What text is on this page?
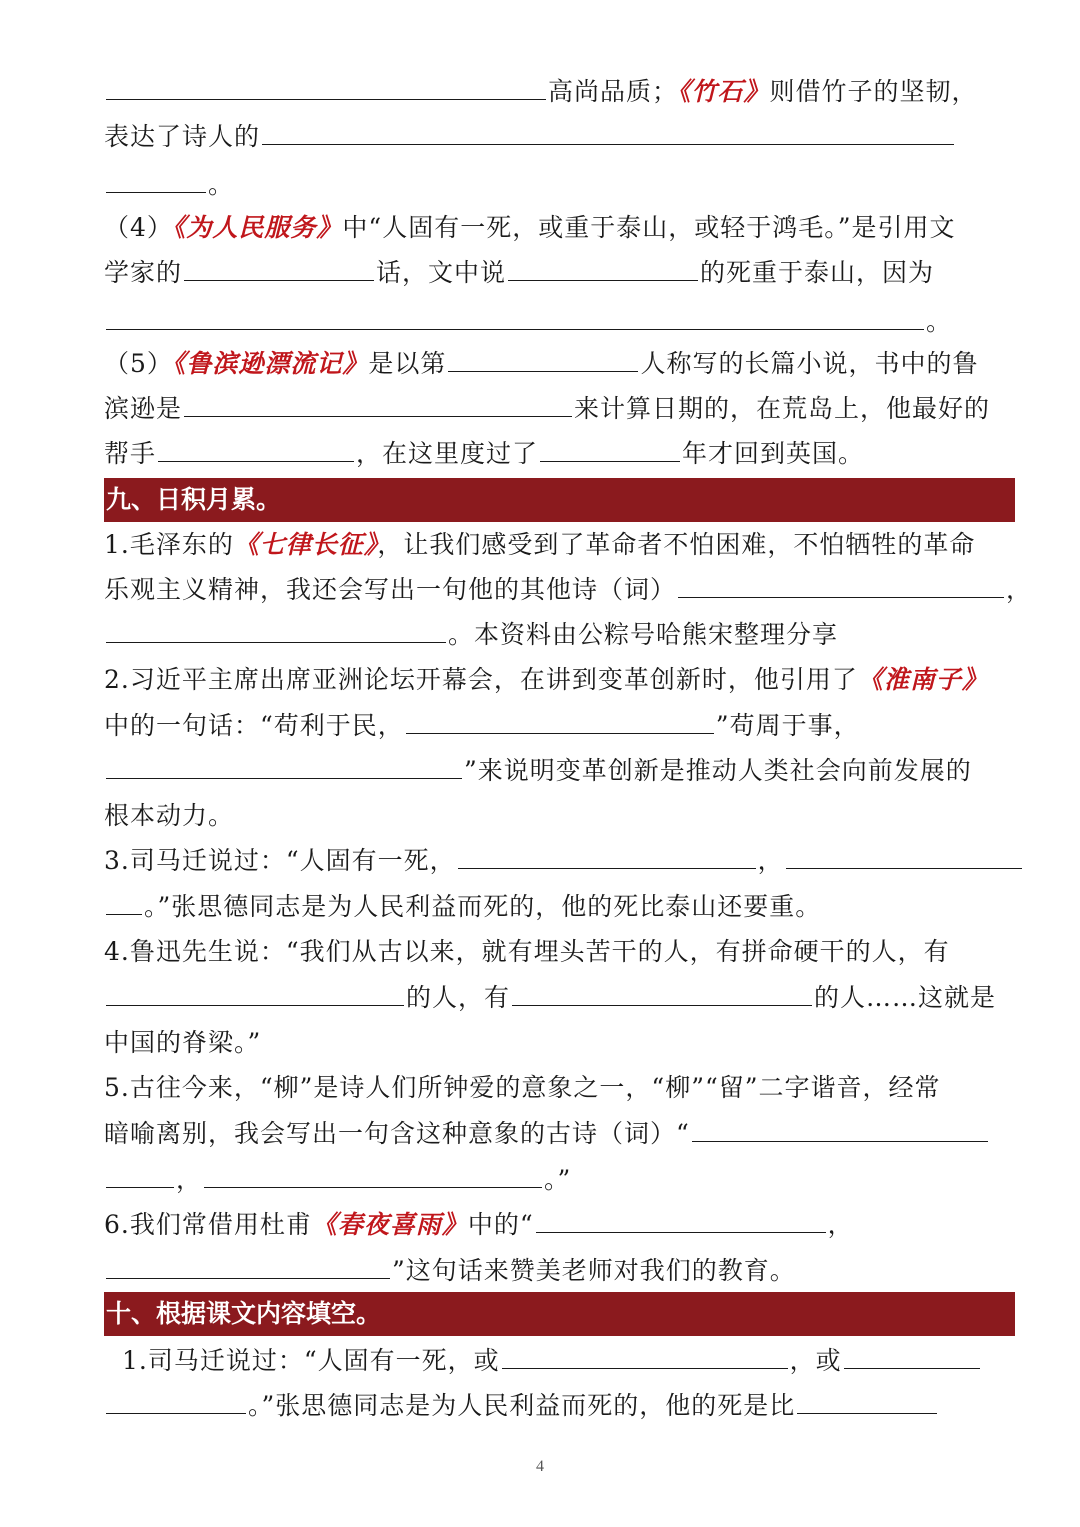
高尚品质；《竹石》则借竹子的坚韧，
表达了诗人的
。
（4）《为人民服务》中“人固有一死，或重于泰山，或轻于鸿毛。”是引用文
学家的	话，文中说	的死重于泰山，因为
。
（5）《鲁滨逊漂流记》是以第	人称写的长篇小说，书中的鲁
滨逊是	来计算日期的，在荒岛上，他最好的
帮手	，在这里度过了	年才回到英国。
九、日积月累。
1.毛泽东的《七律长征》，让我们感受到了革命者不怕困难，不怕牺牲的革命
乐观主义精神，我还会写出一句他的其他诗（词）	，
。本资料由公粽号哈熊宋整理分享
2.习近平主席出席亚洲论坛开幕会，在讲到变革创新时，他引用了《淮南子》
中的一句话：“苟利于民，	”苟周于事，
”来说明变革创新是推动人类社会向前发展的
根本动力。
3.司马迁说过：“人固有一死，	，
。”张思德同志是为人民利益而死的，他的死比泰山还要重。
4.鲁迅先生说：“我们从古以来，就有埋头苦干的人，有拼命硬干的人，有
的人，有	的人……这就是
中国的脊梁。”
5.古往今来，“柳”是诗人们所钟爱的意象之一，“柳”“留”二字谐音，经常
暗喻离别，我会写出一句含这种意象的古诗（词）“
，	。”
6.我们常借用杜甫《春夜喜雨》中的“	，
”这句话来赞美老师对我们的教育。
十、根据课文内容填空。
1.司马迁说过：“人固有一死，或	，或
。”张思德同志是为人民利益而死的，他的死是比
4
